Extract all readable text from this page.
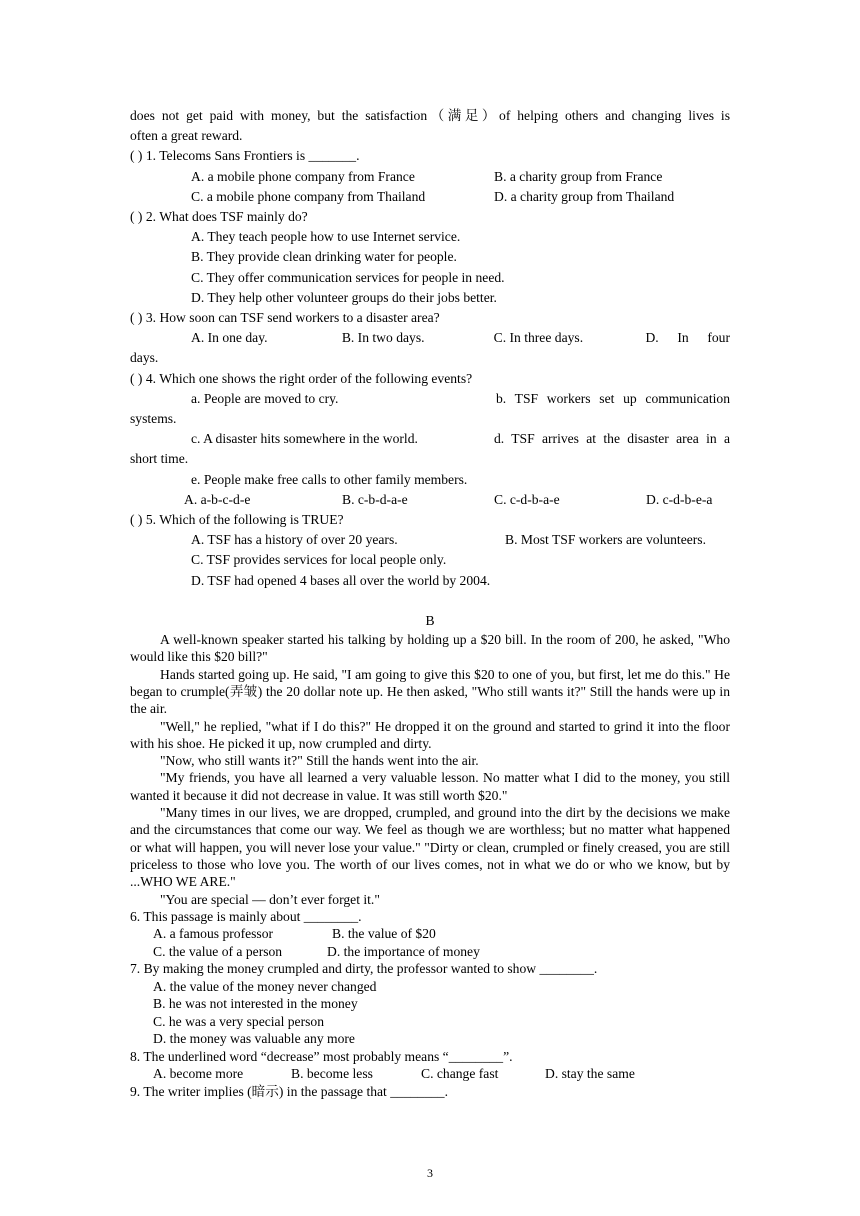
does not get paid with money, but the satisfaction（满足）of helping others and changing lives is
often a great reward.
( ) 1. Telecoms Sans Frontiers is _______.
A. a mobile phone company from France	B. a charity group from France
C. a mobile phone company from Thailand	D. a charity group from Thailand
( ) 2. What does TSF mainly do?
A. They teach people how to use Internet service.
B. They provide clean drinking water for people.
C. They offer communication services for people in need.
D. They help other volunteer groups do their jobs better.
( ) 3. How soon can TSF send workers to a disaster area?
A. In one day.	B. In two days.	C. In three days.	D.	In	four
days.
( ) 4. Which one shows the right order of the following events?
a. People are moved to cry.	b. TSF workers set up communication
systems.
c. A disaster hits somewhere in the world.	d. TSF arrives at the disaster area in a
short time.
e. People make free calls to other family members.
A. a-b-c-d-e	B. c-b-d-a-e	C. c-d-b-a-e	D. c-d-b-e-a
( ) 5. Which of the following is TRUE?
A. TSF has a history of over 20 years.	B. Most TSF workers are volunteers.
C. TSF provides services for local people only.
D. TSF had opened 4 bases all over the world by 2004.
B
A well-known speaker started his talking by holding up a $20 bill. In the room of 200, he asked, "Who would like this $20 bill?"
Hands started going up. He said, "I am going to give this $20 to one of you, but first, let me do this." He began to crumple(弄皱) the 20 dollar note up. He then asked, "Who still wants it?" Still the hands were up in the air.
"Well," he replied, "what if I do this?" He dropped it on the ground and started to grind it into the floor with his shoe. He picked it up, now crumpled and dirty.
"Now, who still wants it?" Still the hands went into the air.
"My friends, you have all learned a very valuable lesson. No matter what I did to the money, you still wanted it because it did not decrease in value. It was still worth $20."
"Many times in our lives, we are dropped, crumpled, and ground into the dirt by the decisions we make and the circumstances that come our way. We feel as though we are worthless; but no matter what happened or what will happen, you will never lose your value." "Dirty or clean, crumpled or finely creased, you are still priceless to those who love you. The worth of our lives comes, not in what we do or who we know, but by ...WHO WE ARE."
"You are special — don’t ever forget it."
6. This passage is mainly about ________.
A. a famous professor	B. the value of $20
C. the value of a person	D. the importance of money
7. By making the money crumpled and dirty, the professor wanted to show ________.
A. the value of the money never changed
B. he was not interested in the money
C. he was a very special person
D. the money was valuable any more
8. The underlined word “decrease” most probably means “________”.
A. become more	B. become less	C. change fast	D. stay the same
9. The writer implies (暗示) in the passage that ________.
3
